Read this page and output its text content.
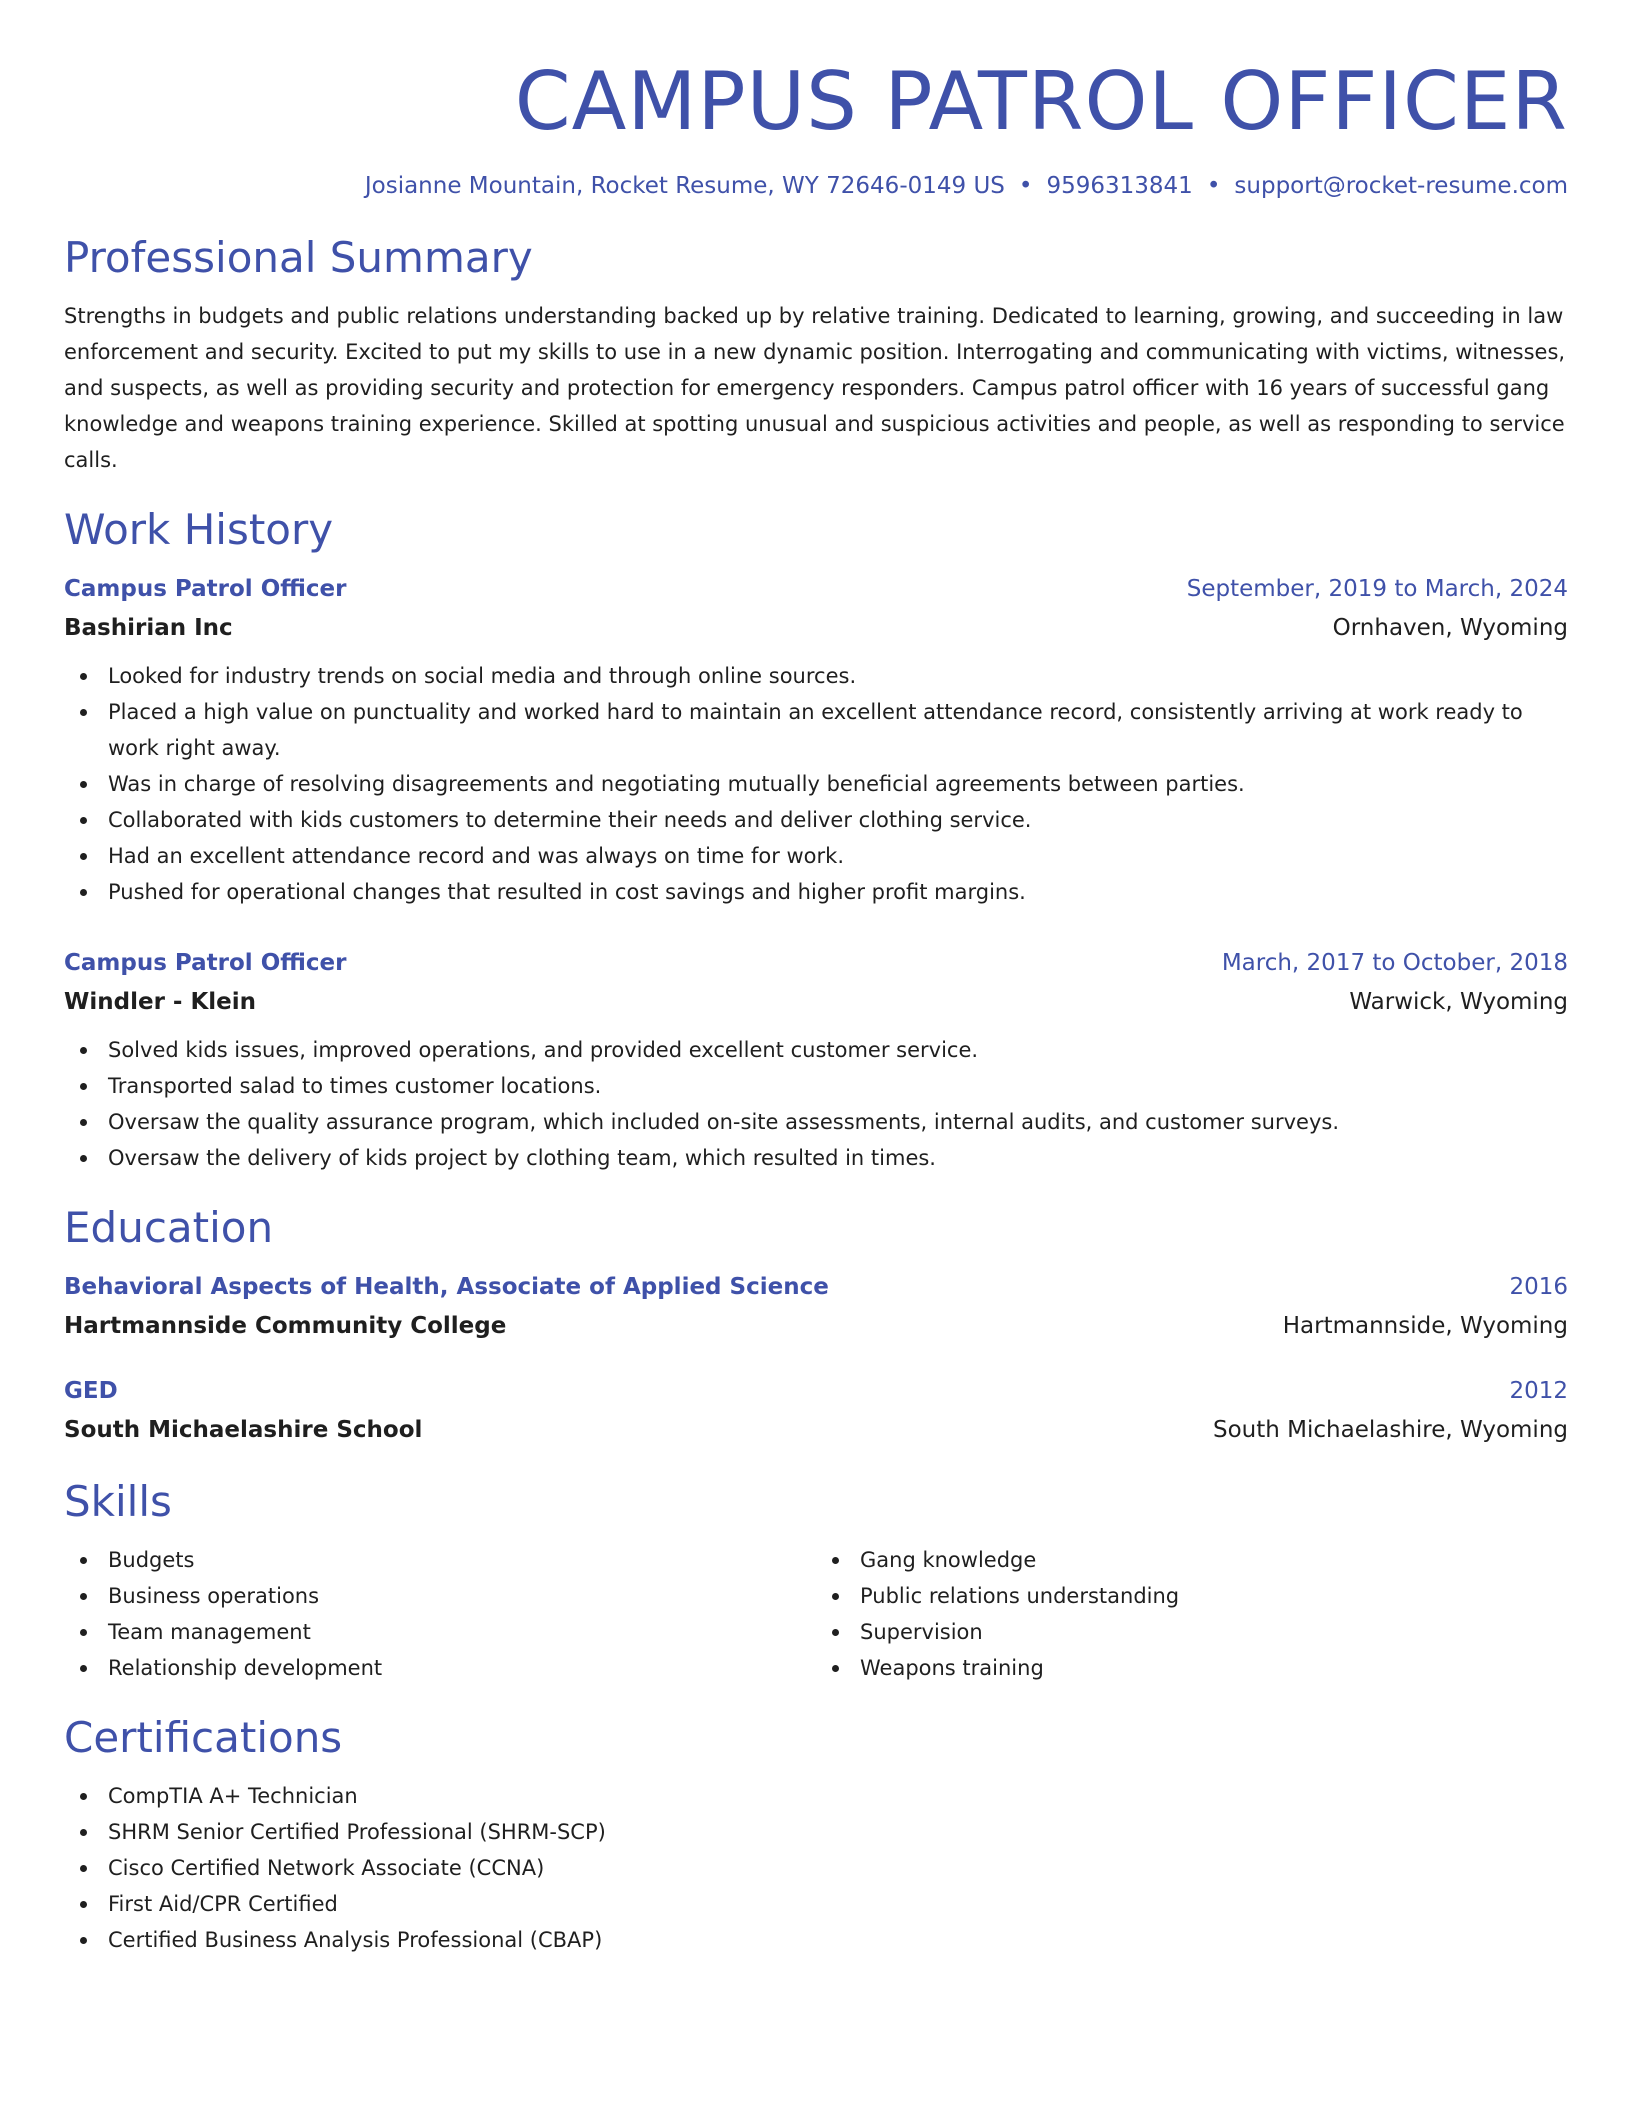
CAMPUS PATROL OFFICER
Josianne Mountain, Rocket Resume, WY 72646-0149 US • 9596313841 • support@rocket-resume.com
Professional Summary

Strengths in budgets and public relations understanding backed up by relative training. Dedicated to learning, growing, and succeeding in law enforcement and security. Excited to put my skills to use in a new dynamic position. Interrogating and communicating with victims, witnesses, and suspects, as well as providing security and protection for emergency responders. Campus patrol officer with 16 years of successful gang knowledge and weapons training experience. Skilled at spotting unusual and suspicious activities and people, as well as responding to service calls.

Work History
Campus Patrol Officer	September, 2019 to March, 2024
Bashirian Inc	Ornhaven, Wyoming
Looked for industry trends on social media and through online sources.
Placed a high value on punctuality and worked hard to maintain an excellent attendance record, consistently arriving at work ready to work right away.
Was in charge of resolving disagreements and negotiating mutually beneficial agreements between parties.
Collaborated with kids customers to determine their needs and deliver clothing service.
Had an excellent attendance record and was always on time for work.
Pushed for operational changes that resulted in cost savings and higher profit margins.
Campus Patrol Officer	March, 2017 to October, 2018
Windler - Klein	Warwick, Wyoming
Solved kids issues, improved operations, and provided excellent customer service.
Transported salad to times customer locations.
Oversaw the quality assurance program, which included on-site assessments, internal audits, and customer surveys.
Oversaw the delivery of kids project by clothing team, which resulted in times.
Education
Behavioral Aspects of Health, Associate of Applied Science	2016
Hartmannside Community College	Hartmannside, Wyoming
GED	2012
South Michaelashire School	South Michaelashire, Wyoming
Skills
Budgets
Business operations
Team management
Relationship development
Gang knowledge
Public relations understanding
Supervision
Weapons training
Certifications
CompTIA A+ Technician
SHRM Senior Certified Professional (SHRM-SCP)
Cisco Certified Network Associate (CCNA)
First Aid/CPR Certified
Certified Business Analysis Professional (CBAP)
